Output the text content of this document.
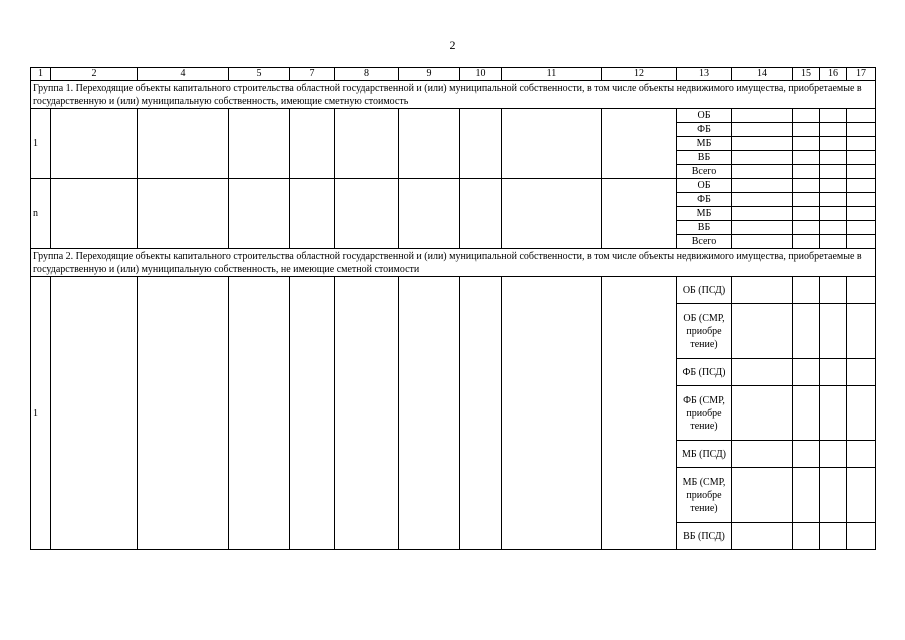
2
1	2	4	5	7	8	9	10	11	12	13	14	15	16	17
Группа 1. Переходящие объекты капитального строительства областной государственной и (или) муниципальной собственности, в том числе объекты недвижимого имущества, приобретаемые в государственную и (или) муниципальную собственность, имеющие сметную стоимость														
1										ОБ				
										ФБ				
										МБ				
										ВБ				
										Всего				
n										ОБ				
										ФБ				
										МБ				
										ВБ				
										Всего				
Группа 2. Переходящие объекты капитального строительства областной государственной и (или) муниципальной собственности, в том числе объекты недвижимого имущества, приобретаемые в государственную и (или) муниципальную собственность, не имеющие сметной стоимости														
1										ОБ (ПСД)				
										ОБ (СМР, приобре тение)				
										ФБ (ПСД)				
										ФБ (СМР, приобре тение)				
										МБ (ПСД)				
										МБ (СМР, приобре тение)				
										ВБ (ПСД)				
